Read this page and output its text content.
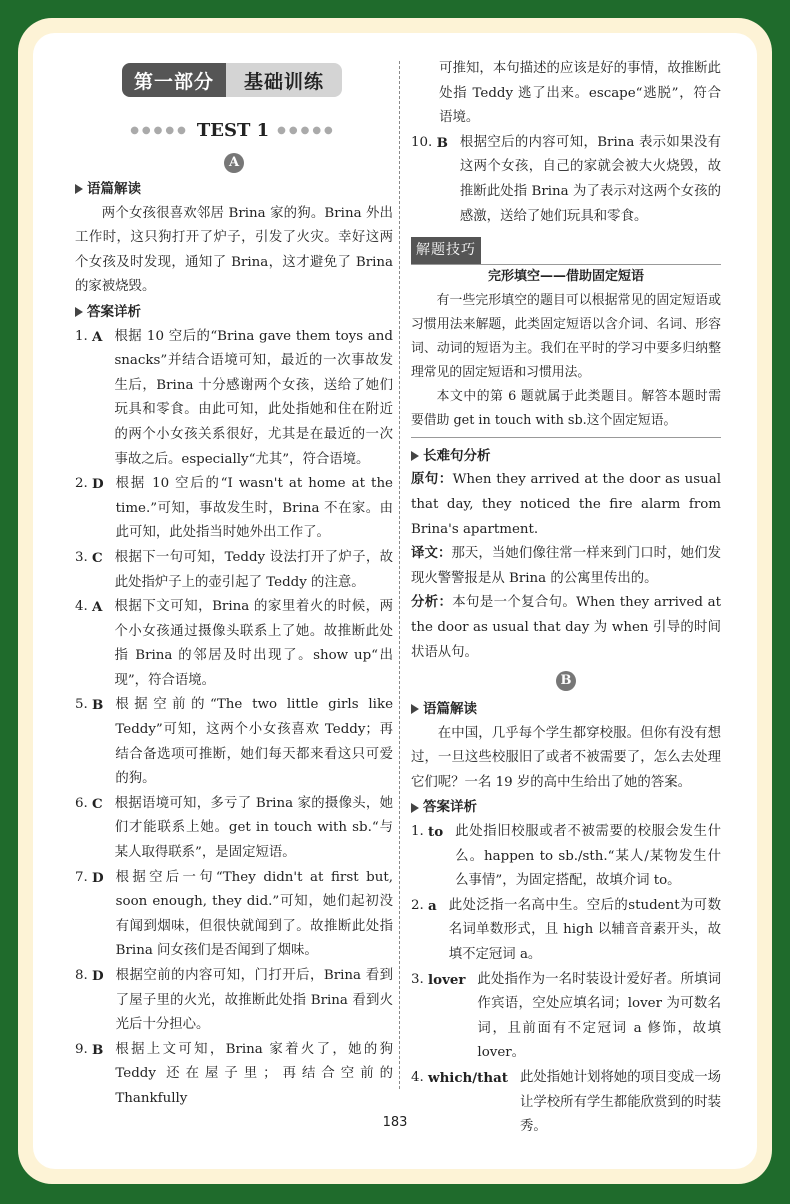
第一部分	基础训练
●●●●● TEST 1 ●●●●●
A
语篇解读

两个女孩很喜欢邻居 Brina 家的狗。Brina 外出工作时，这只狗打开了炉子，引发了火灾。幸好这两个女孩及时发现，通知了 Brina，这才避免了 Brina 的家被烧毁。

答案详析
1.
A 根据 10 空后的“Brina gave them toys and snacks”并结合语境可知，最近的一次事故发生后，Brina 十分感谢两个女孩，送给了她们玩具和零食。由此可知，此处指她和住在附近的两个小女孩关系很好，尤其是在最近的一次事故之后。especially“尤其”，符合语境。
2.
D 根据 10 空后的“I wasn't at home at the time.”可知，事故发生时，Brina 不在家。由此可知，此处指当时她外出工作了。
3.
C 根据下一句可知，Teddy 设法打开了炉子，故此处指炉子上的壶引起了 Teddy 的注意。
4.
A 根据下文可知，Brina 的家里着火的时候，两个小女孩通过摄像头联系上了她。故推断此处指 Brina 的邻居及时出现了。show up“出现”，符合语境。
5.
B 根据空前的“The two little girls like Teddy”可知，这两个小女孩喜欢 Teddy；再结合备选项可推断，她们每天都来看这只可爱的狗。
6.
C 根据语境可知，多亏了 Brina 家的摄像头，她们才能联系上她。get in touch with sb.“与某人取得联系”，是固定短语。
7.
D 根据空后一句“They didn't at first but, soon enough, they did.”可知，她们起初没有闻到烟味，但很快就闻到了。故推断此处指 Brina 问女孩们是否闻到了烟味。
8.
D 根据空前的内容可知，门打开后，Brina 看到了屋子里的火光，故推断此处指 Brina 看到火光后十分担心。
9.
B 根据上文可知，Brina 家着火了，她的狗 Teddy 还在屋子里；再结合空前的 Thankfully

可推知，本句描述的应该是好的事情，故推断此处指 Teddy 逃了出来。escape“逃脱”，符合语境。

10.
B 根据空后的内容可知，Brina 表示如果没有这两个女孩，自己的家就会被大火烧毁，故推断此处指 Brina 为了表示对这两个女孩的感激，送给了她们玩具和零食。
解题技巧
完形填空——借助固定短语

有一些完形填空的题目可以根据常见的固定短语或习惯用法来解题，此类固定短语以含介词、名词、形容词、动词的短语为主。我们在平时的学习中要多归纳整理常见的固定短语和习惯用法。

本文中的第 6 题就属于此类题目。解答本题时需要借助 get in touch with sb.这个固定短语。

长难句分析

原句：When they arrived at the door as usual that day, they noticed the fire alarm from Brina's apartment.

译文：那天，当她们像往常一样来到门口时，她们发现火警警报是从 Brina 的公寓里传出的。

分析：本句是一个复合句。When they arrived at the door as usual that day 为 when 引导的时间状语从句。

B
语篇解读

在中国，几乎每个学生都穿校服。但你有没有想过，一旦这些校服旧了或者不被需要了，怎么去处理它们呢？一名 19 岁的高中生给出了她的答案。

答案详析
1.
to 此处指旧校服或者不被需要的校服会发生什么。happen to sb./sth.“某人/某物发生什么事情”，为固定搭配，故填介词 to。
2.
a 此处泛指一名高中生。空后的student为可数名词单数形式，且 high 以辅音音素开头，故填不定冠词 a。
3.
lover 此处指作为一名时装设计爱好者。所填词作宾语，空处应填名词；lover 为可数名词，且前面有不定冠词 a 修饰，故填 lover。
4.
which/that 此处指她计划将她的项目变成一场让学校所有学生都能欣赏到的时装秀。
183
